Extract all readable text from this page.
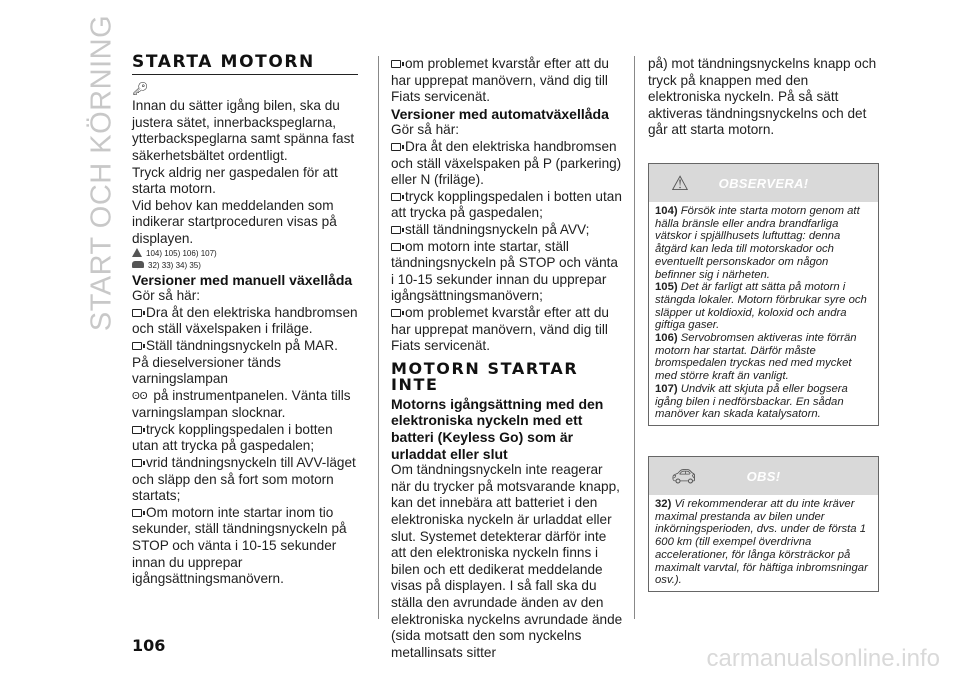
START OCH KÖRNING STARTA MOTORN
🔑︎

Innan du sätter igång bilen, ska du justera sätet, innerbackspeglarna, ytterbackspeglarna samt spänna fast säkerhetsbältet ordentligt.

Tryck aldrig ner gaspedalen för att starta motorn.

Vid behov kan meddelanden som indikerar startproceduren visas på displayen.

104) 105) 106) 107)

32) 33) 34) 35)

Versioner med manuell växellåda

Gör så här:

Dra åt den elektriska handbromsen och ställ växelspaken i friläge.

Ställ tändningsnyckeln på MAR. På dieselversioner tänds varningslampan
ʘʘ på instrumentpanelen. Vänta tills varningslampan slocknar.

tryck kopplingspedalen i botten utan att trycka på gaspedalen;

vrid tändningsnyckeln till AVV-läget och släpp den så fort som motorn startats;

Om motorn inte startar inom tio sekunder, ställ tändningsnyckeln på STOP och vänta i 10-15 sekunder innan du upprepar igångsättningsmanövern.

om problemet kvarstår efter att du har upprepat manövern, vänd dig till Fiats servicenät.

Versioner med automatväxellåda

Gör så här:

Dra åt den elektriska handbromsen och ställ växelspaken på P (parkering) eller N (friläge).

tryck kopplingspedalen i botten utan att trycka på gaspedalen;

ställ tändningsnyckeln på AVV;

om motorn inte startar, ställ tändningsnyckeln på STOP och vänta i 10-15 sekunder innan du upprepar igångsättningsmanövern;

om problemet kvarstår efter att du har upprepat manövern, vänd dig till Fiats servicenät.

MOTORN STARTAR INTE

Motorns igångsättning med den elektroniska nyckeln med ett batteri (Keyless Go) som är urladdat eller slut

Om tändningsnyckeln inte reagerar när du trycker på motsvarande knapp, kan det innebära att batteriet i den elektroniska nyckeln är urladdat eller slut. Systemet detekterar därför inte att den elektroniska nyckeln finns i bilen och ett dedikerat meddelande visas på displayen. I så fall ska du ställa den avrundade änden av den elektroniska nyckelns avrundade ände (sida motsatt den som nyckelns metallinsats sitter

på) mot tändningsnyckelns knapp och tryck på knappen med den elektroniska nyckeln. På så sätt aktiveras tändningsnyckelns och det går att starta motorn.

⚠︎	OBSERVERA!
104) Försök inte starta motorn genom att hälla bränsle eller andra brandfarliga vätskor i spjällhusets luftuttag: denna åtgärd kan leda till motorskador och eventuellt personskador om någon befinner sig i närheten.
105) Det är farligt att sätta på motorn i stängda lokaler. Motorn förbrukar syre och släpper ut koldioxid, koloxid och andra giftiga gaser.
106) Servobromsen aktiveras inte förrän motorn har startat. Därför måste bromspedalen tryckas ned med mycket med större kraft än vanligt.
107) Undvik att skjuta på eller bogsera igång bilen i nedförsbackar. En sådan manöver kan skada katalysatorn.
🚗︎	OBS!
32) Vi rekommenderar att du inte kräver maximal prestanda av bilen under inkörningsperioden, dvs. under de första 1 600 km (till exempel överdrivna accelerationer, för långa körsträckor på maximalt varvtal, för häftiga inbromsningar osv.).
106	carmanualsonline.info
